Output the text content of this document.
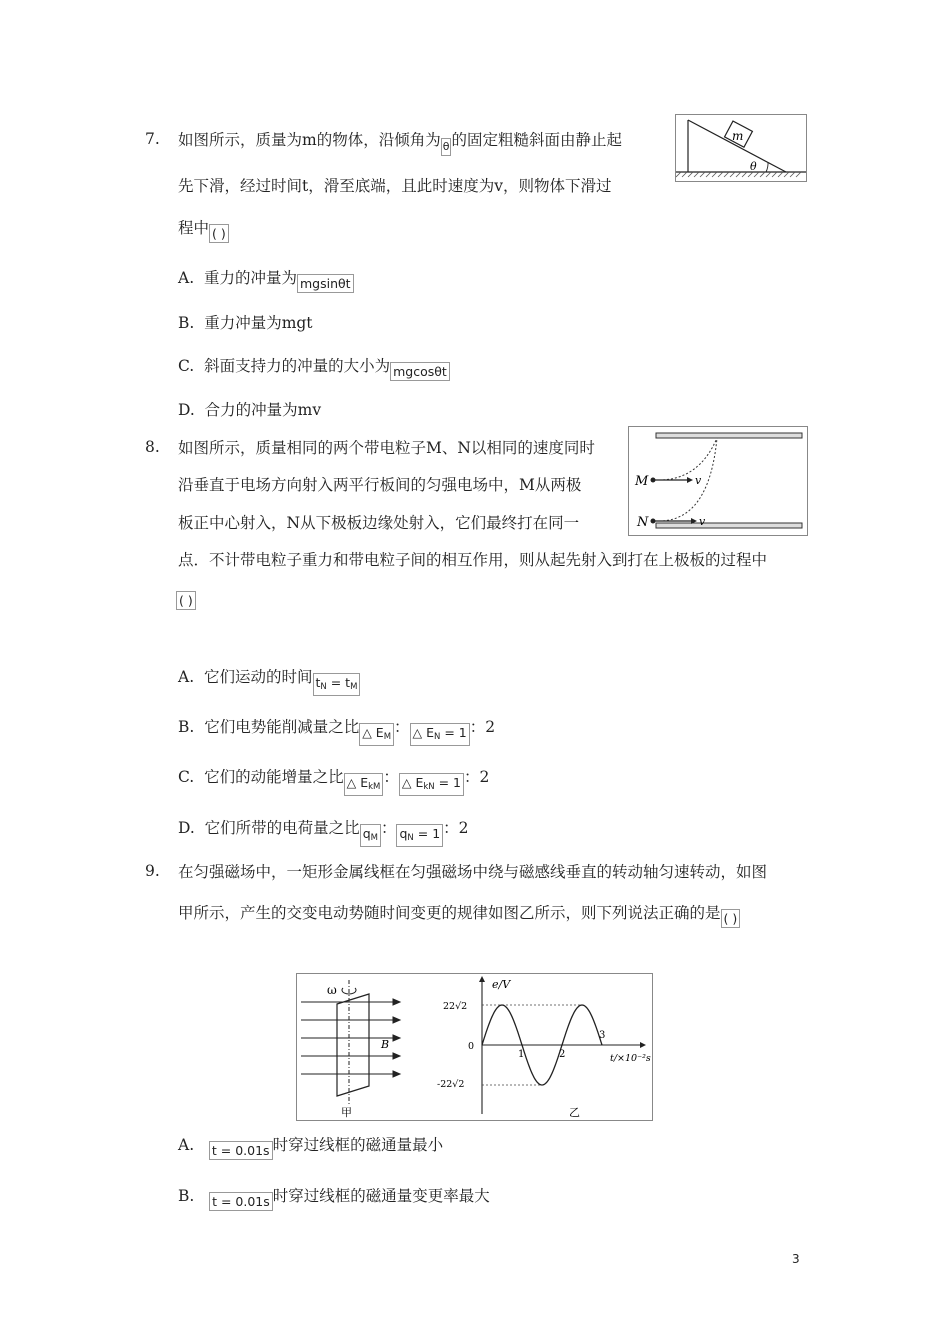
7. 如图所示，质量为m的物体，沿倾角为 θ 的固定粗糙斜面由静止起
先下滑，经过时间t，滑至底端，且此时速度为v，则物体下滑过
程中 ( )
m
θ
A. 重力的冲量为 mgsinθt
B. 重力冲量为mgt
C. 斜面支持力的冲量的大小为 mgcosθt
D. 合力的冲量为mv
8. 如图所示，质量相同的两个带电粒子M、N以相同的速度同时
沿垂直于电场方向射入两平行板间的匀强电场中，M从两极
板正中心射入，N从下极板边缘处射入，它们最终打在同一
点．不计带电粒子重力和带电粒子间的相互作用，则从起先射入到打在上极板的过程中
( )
M
N
v
v
A. 它们运动的时间 $t_N = t_M$
B. 它们电势能削减量之比 △ $E_M$： △ $E_N = 1$ ：2
C. 它们的动能增量之比 △ $E_{kM}$： △ $E_{kN} = 1$ ：2
D. 它们所带的电荷量之比 $q_M$： $q_N = 1$ ：2
9. 在匀强磁场中，一矩形金属线框在匀强磁场中绕与磁感线垂直的转动轴匀速转动，如图
甲所示，产生的交变电动势随时间变更的规律如图乙所示，则下列说法正确的是 ( )
ω
B
甲
e/V
22√2
0
-22√2
1	2
3
t/×10⁻²s
乙
A. t = 0.01s 时穿过线框的磁通量最小
B. t = 0.01s 时穿过线框的磁通量变更率最大
3
